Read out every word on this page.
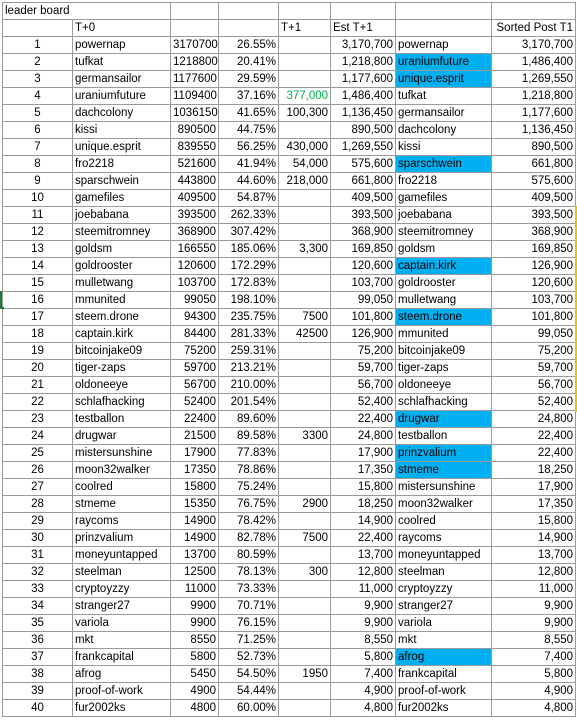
leader board							
	T+0			T+1	Est T+1		Sorted Post T1
1	powernap	3170700	26.55%		3,170,700	powernap	3,170,700
2	tufkat	1218800	20.41%		1,218,800	uraniumfuture	1,486,400
3	germansailor	1177600	29.59%		1,177,600	unique.esprit	1,269,550
4	uraniumfuture	1109400	37.16%	377,000	1,486,400	tufkat	1,218,800
5	dachcolony	1036150	41.65%	100,300	1,136,450	germansailor	1,177,600
6	kissi	890500	44.75%		890,500	dachcolony	1,136,450
7	unique.esprit	839550	56.25%	430,000	1,269,550	kissi	890,500
8	fro2218	521600	41.94%	54,000	575,600	sparschwein	661,800
9	sparschwein	443800	44.60%	218,000	661,800	fro2218	575,600
10	gamefiles	409500	54.87%		409,500	gamefiles	409,500
11	joebabana	393500	262.33%		393,500	joebabana	393,500
12	steemitromney	368900	307.42%		368,900	steemitromney	368,900
13	goldsm	166550	185.06%	3,300	169,850	goldsm	169,850
14	goldrooster	120600	172.29%		120,600	captain.kirk	126,900
15	mulletwang	103700	172.83%		103,700	goldrooster	120,600
16	mmunited	99050	198.10%		99,050	mulletwang	103,700
17	steem.drone	94300	235.75%	7500	101,800	steem.drone	101,800
18	captain.kirk	84400	281.33%	42500	126,900	mmunited	99,050
19	bitcoinjake09	75200	259.31%		75,200	bitcoinjake09	75,200
20	tiger-zaps	59700	213.21%		59,700	tiger-zaps	59,700
21	oldoneeye	56700	210.00%		56,700	oldoneeye	56,700
22	schlafhacking	52400	201.54%		52,400	schlafhacking	52,400
23	testballon	22400	89.60%		22,400	drugwar	24,800
24	drugwar	21500	89.58%	3300	24,800	testballon	22,400
25	mistersunshine	17900	77.83%		17,900	prinzvalium	22,400
26	moon32walker	17350	78.86%		17,350	stmeme	18,250
27	coolred	15800	75.24%		15,800	mistersunshine	17,900
28	stmeme	15350	76.75%	2900	18,250	moon32walker	17,350
29	raycoms	14900	78.42%		14,900	coolred	15,800
30	prinzvalium	14900	82.78%	7500	22,400	raycoms	14,900
31	moneyuntapped	13700	80.59%		13,700	moneyuntapped	13,700
32	steelman	12500	78.13%	300	12,800	steelman	12,800
33	cryptoyzzy	11000	73.33%		11,000	cryptoyzzy	11,000
34	stranger27	9900	70.71%		9,900	stranger27	9,900
35	variola	9900	76.15%		9,900	variola	9,900
36	mkt	8550	71.25%		8,550	mkt	8,550
37	frankcapital	5800	52.73%		5,800	afrog	7,400
38	afrog	5450	54.50%	1950	7,400	frankcapital	5,800
39	proof-of-work	4900	54.44%		4,900	proof-of-work	4,900
40	fur2002ks	4800	60.00%		4,800	fur2002ks	4,800
